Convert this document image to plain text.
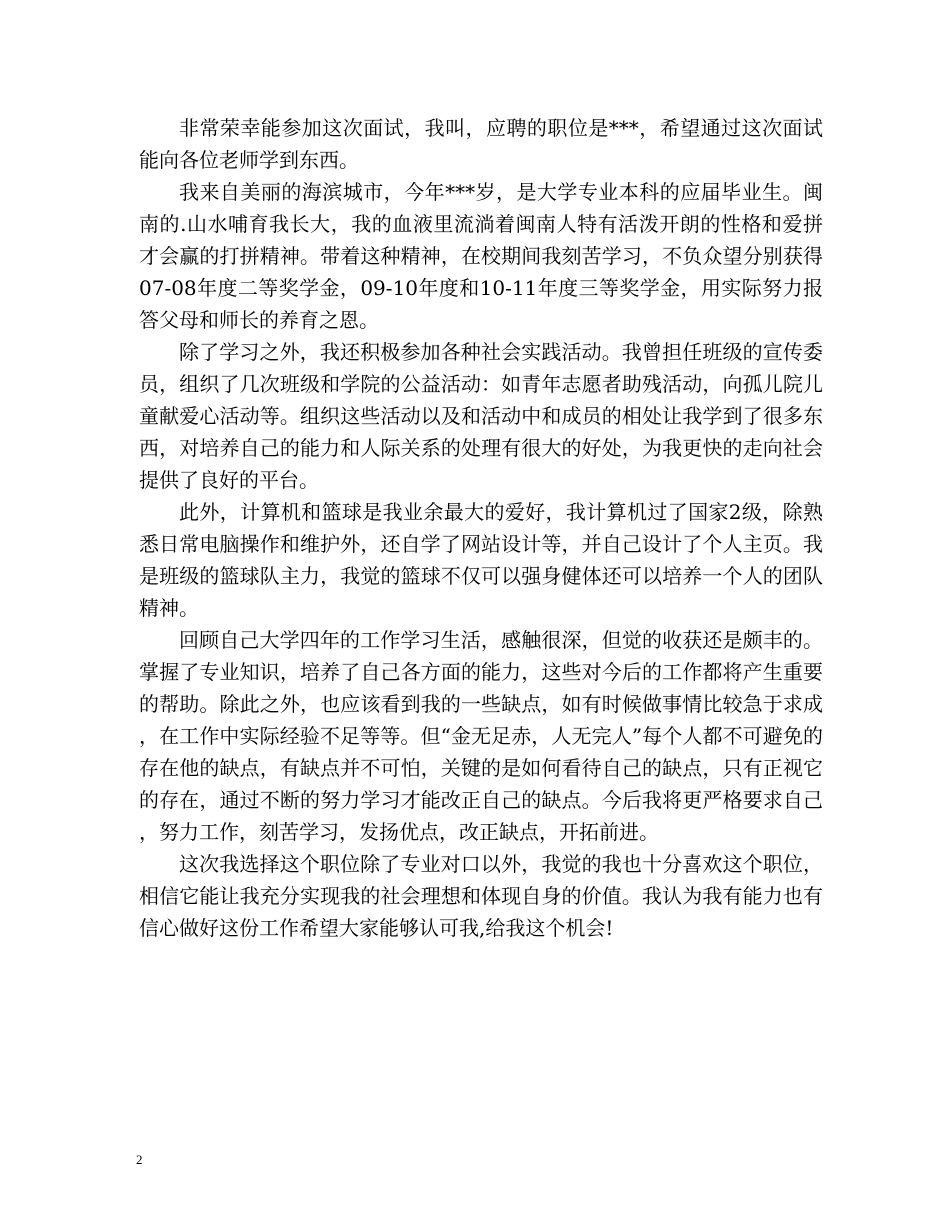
非常荣幸能参加这次面试，我叫，应聘的职位是***，希望通过这次面试能向各位老师学到东西。

我来自美丽的海滨城市，今年***岁，是大学专业本科的应届毕业生。闽南的.山水哺育我长大，我的血液里流淌着闽南人特有活泼开朗的性格和爱拼才会赢的打拼精神。带着这种精神，在校期间我刻苦学习，不负众望分别获得07-08年度二等奖学金，09-10年度和10-11年度三等奖学金，用实际努力报答父母和师长的养育之恩。

除了学习之外，我还积极参加各种社会实践活动。我曾担任班级的宣传委员，组织了几次班级和学院的公益活动：如青年志愿者助残活动，向孤儿院儿童献爱心活动等。组织这些活动以及和活动中和成员的相处让我学到了很多东西，对培养自己的能力和人际关系的处理有很大的好处，为我更快的走向社会提供了良好的平台。

此外，计算机和篮球是我业余最大的爱好，我计算机过了国家2级，除熟悉日常电脑操作和维护外，还自学了网站设计等，并自己设计了个人主页。我是班级的篮球队主力，我觉的篮球不仅可以强身健体还可以培养一个人的团队精神。

回顾自己大学四年的工作学习生活，感触很深，但觉的收获还是颇丰的。掌握了专业知识，培养了自己各方面的能力，这些对今后的工作都将产生重要的帮助。除此之外，也应该看到我的一些缺点，如有时候做事情比较急于求成，在工作中实际经验不足等等。但“金无足赤，人无完人”每个人都不可避免的存在他的缺点，有缺点并不可怕，关键的是如何看待自己的缺点，只有正视它的存在，通过不断的努力学习才能改正自己的缺点。今后我将更严格要求自己，努力工作，刻苦学习，发扬优点，改正缺点，开拓前进。

这次我选择这个职位除了专业对口以外，我觉的我也十分喜欢这个职位，相信它能让我充分实现我的社会理想和体现自身的价值。我认为我有能力也有信心做好这份工作希望大家能够认可我,给我这个机会!

2
